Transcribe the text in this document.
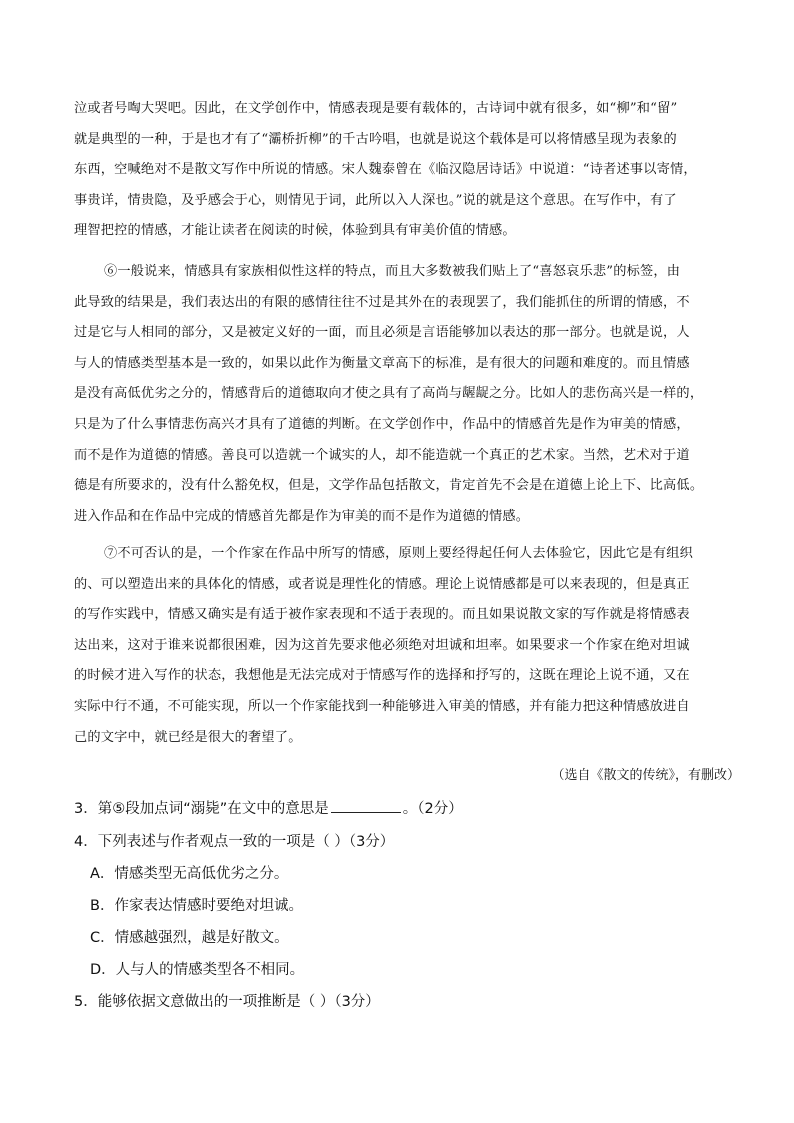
泣或者号啕大哭吧。因此，在文学创作中，情感表现是要有载体的，古诗词中就有很多，如“柳”和“留”
就是典型的一种，于是也才有了“灞桥折柳”的千古吟唱，也就是说这个载体是可以将情感呈现为表象的
东西，空喊绝对不是散文写作中所说的情感。宋人魏泰曾在《临汉隐居诗话》中说道：“诗者述事以寄情，
事贵详，情贵隐，及乎感会于心，则情见于词，此所以入人深也。”说的就是这个意思。在写作中，有了
理智把控的情感，才能让读者在阅读的时候，体验到具有审美价值的情感。
⑥一般说来，情感具有家族相似性这样的特点，而且大多数被我们贴上了“喜怒哀乐悲”的标签，由
此导致的结果是，我们表达出的有限的感情往往不过是其外在的表现罢了，我们能抓住的所谓的情感，不
过是它与人相同的部分，又是被定义好的一面，而且必须是言语能够加以表达的那一部分。也就是说，人
与人的情感类型基本是一致的，如果以此作为衡量文章高下的标准，是有很大的问题和难度的。而且情感
是没有高低优劣之分的，情感背后的道德取向才使之具有了高尚与龌龊之分。比如人的悲伤高兴是一样的，
只是为了什么事情悲伤高兴才具有了道德的判断。在文学创作中，作品中的情感首先是作为审美的情感，
而不是作为道德的情感。善良可以造就一个诚实的人，却不能造就一个真正的艺术家。当然，艺术对于道
德是有所要求的，没有什么豁免权，但是，文学作品包括散文，肯定首先不会是在道德上论上下、比高低。
进入作品和在作品中完成的情感首先都是作为审美的而不是作为道德的情感。
⑦不可否认的是，一个作家在作品中所写的情感，原则上要经得起任何人去体验它，因此它是有组织
的、可以塑造出来的具体化的情感，或者说是理性化的情感。理论上说情感都是可以来表现的，但是真正
的写作实践中，情感又确实是有适于被作家表现和不适于表现的。而且如果说散文家的写作就是将情感表
达出来，这对于谁来说都很困难，因为这首先要求他必须绝对坦诚和坦率。如果要求一个作家在绝对坦诚
的时候才进入写作的状态，我想他是无法完成对于情感写作的选择和抒写的，这既在理论上说不通，又在
实际中行不通，不可能实现，所以一个作家能找到一种能够进入审美的情感，并有能力把这种情感放进自
己的文字中，就已经是很大的奢望了。
（选自《散文的传统》，有删改）
3．第⑤段加点词“溺毙”在文中的意思是	。（2分）
4．下列表述与作者观点一致的一项是（ ）（3分）
A．情感类型无高低优劣之分。
B．作家表达情感时要绝对坦诚。
C．情感越强烈，越是好散文。
D．人与人的情感类型各不相同。
5．能够依据文意做出的一项推断是（ ）（3分）
